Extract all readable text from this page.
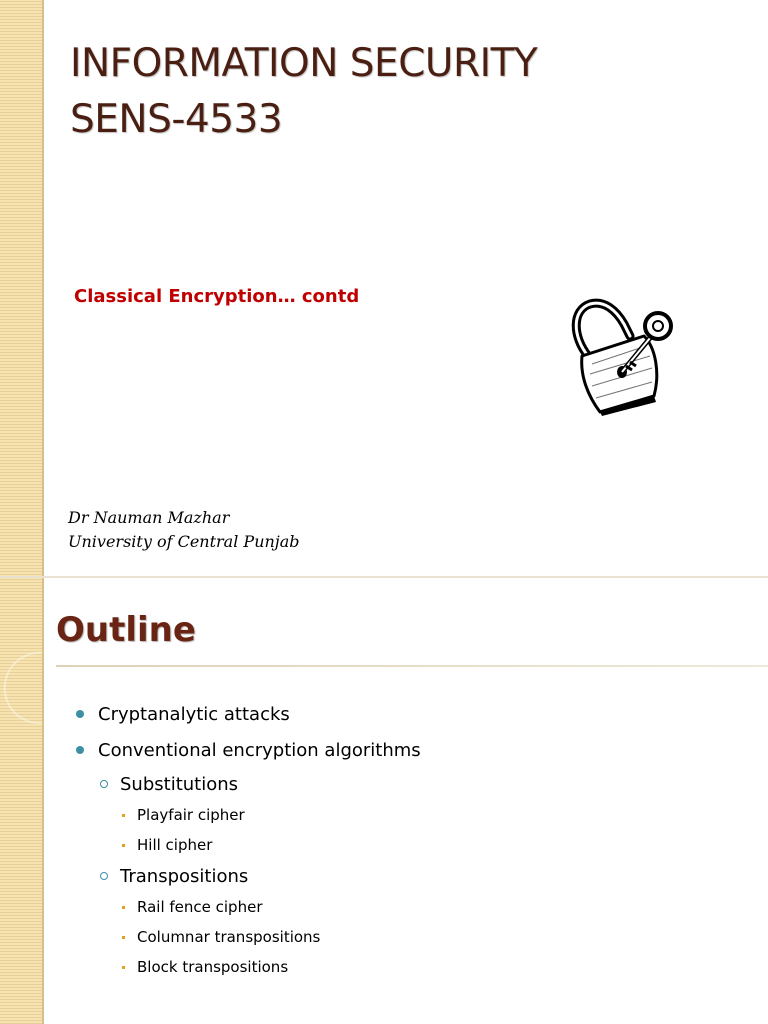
INFORMATION SECURITY
SENS-4533
Classical Encryption… contd
Dr Nauman Mazhar
University of Central Punjab
Outline
Cryptanalytic attacks
Conventional encryption algorithms
Substitutions
Playfair cipher
Hill cipher
Transpositions
Rail fence cipher
Columnar transpositions
Block transpositions
